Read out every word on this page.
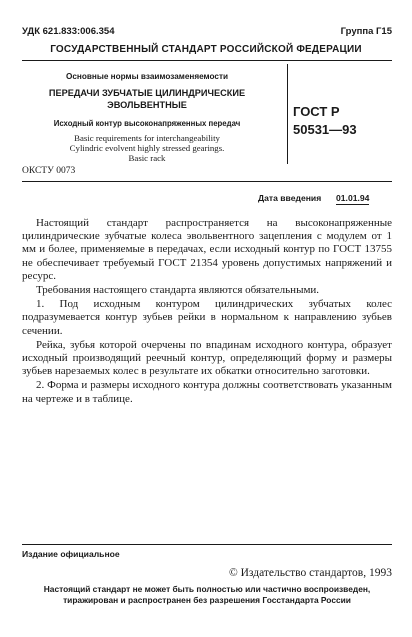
УДК 621.833:006.354	Группа Г15
ГОСУДАРСТВЕННЫЙ СТАНДАРТ РОССИЙСКОЙ ФЕДЕРАЦИИ
Основные нормы взаимозаменяемости
ПЕРЕДАЧИ ЗУБЧАТЫЕ ЦИЛИНДРИЧЕСКИЕ
ЭВОЛЬВЕНТНЫЕ
Исходный контур высоконапряженных передач
Basic requirements for interchangeability
Cylindric evolvent highly stressed gearings.
Basic rack
ГОСТ Р
50531—93
ОКСТУ 0073
Дата введения 01.01.94

Настоящий стандарт распространяется на высоконапряженные цилиндрические зубчатые колеса эвольвентного зацепления с модулем от 1 мм и более, применяемые в передачах, если исходный контур по ГОСТ 13755 не обеспечивает требуемый ГОСТ 21354 уровень допустимых напряжений и ресурс.

Требования настоящего стандарта являются обязательными.

1. Под исходным контуром цилиндрических зубчатых колес подразумевается контур зубьев рейки в нормальном к направлению зубьев сечении.

Рейка, зубья которой очерчены по впадинам исходного контура, образует исходный производящий реечный контур, определяющий форму и размеры зубьев нарезаемых колес в результате их обкатки относительно заготовки.

2. Форма и размеры исходного контура должны соответствовать указанным на чертеже и в таблице.

Издание официальное
© Издательство стандартов, 1993
Настоящий стандарт не может быть полностью или частично воспроизведен,
тиражирован и распространен без разрешения Госстандарта России
